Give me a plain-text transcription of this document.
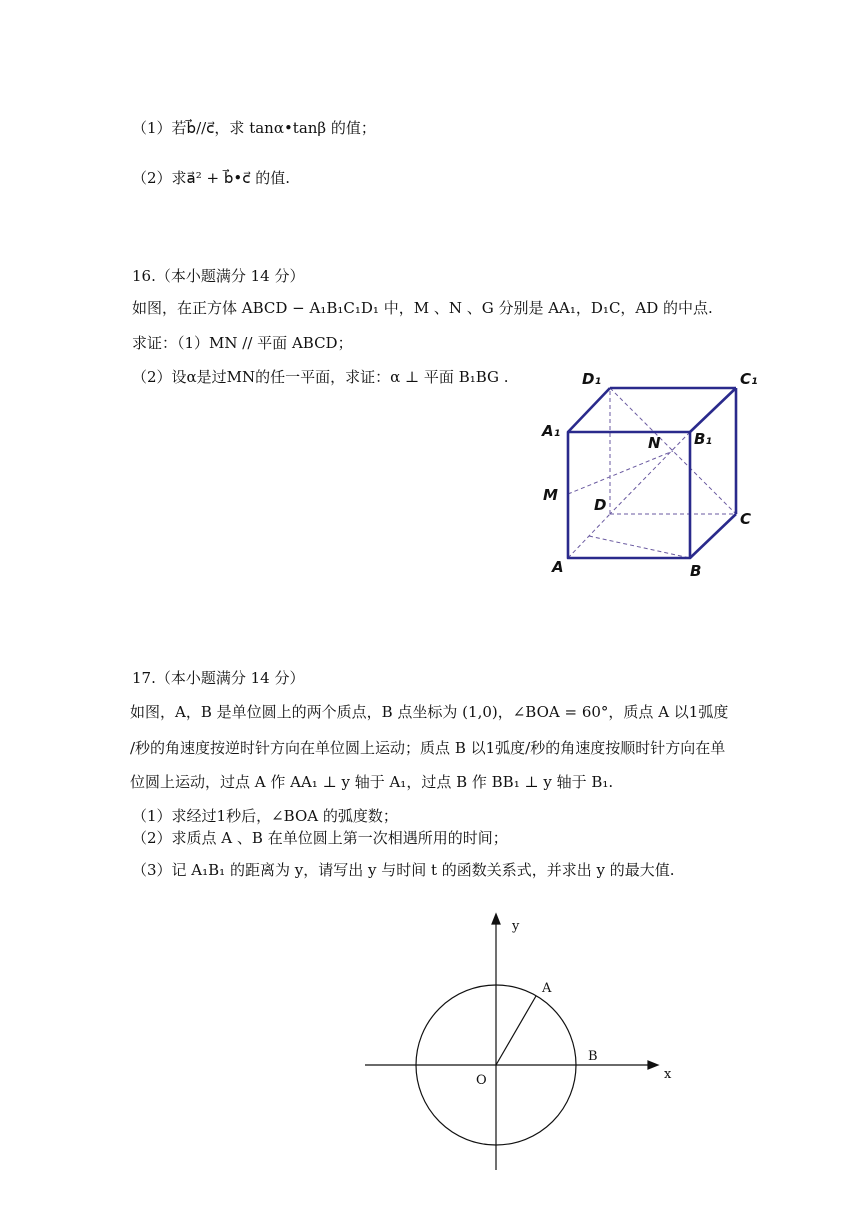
（1）若b⃗//c⃗，求 tanα•tanβ 的值；
（2）求a⃗² + b⃗•c⃗ 的值.
16.（本小题满分 14 分）
如图，在正方体 ABCD − A₁B₁C₁D₁ 中，M 、N 、G 分别是 AA₁，D₁C，AD 的中点.
求证：（1）MN // 平面 ABCD；
（2）设α是过MN的任一平面，求证：α ⊥ 平面 B₁BG .	D₁	C₁
A₁	B₁
N
M
D
C
A	B
17.（本小题满分 14 分）
如图，A，B 是单位圆上的两个质点，B 点坐标为 (1,0)，∠BOA = 60°，质点 A 以1弧度
/秒的角速度按逆时针方向在单位圆上运动；质点 B 以1弧度/秒的角速度按顺时针方向在单
位圆上运动，过点 A 作 AA₁ ⊥ y 轴于 A₁，过点 B 作 BB₁ ⊥ y 轴于 B₁.
（1）求经过1秒后，∠BOA 的弧度数；
（2）求质点 A 、B 在单位圆上第一次相遇所用的时间；
（3）记 A₁B₁ 的距离为 y，请写出 y 与时间 t 的函数关系式，并求出 y 的最大值.
y
x
O
A
B
